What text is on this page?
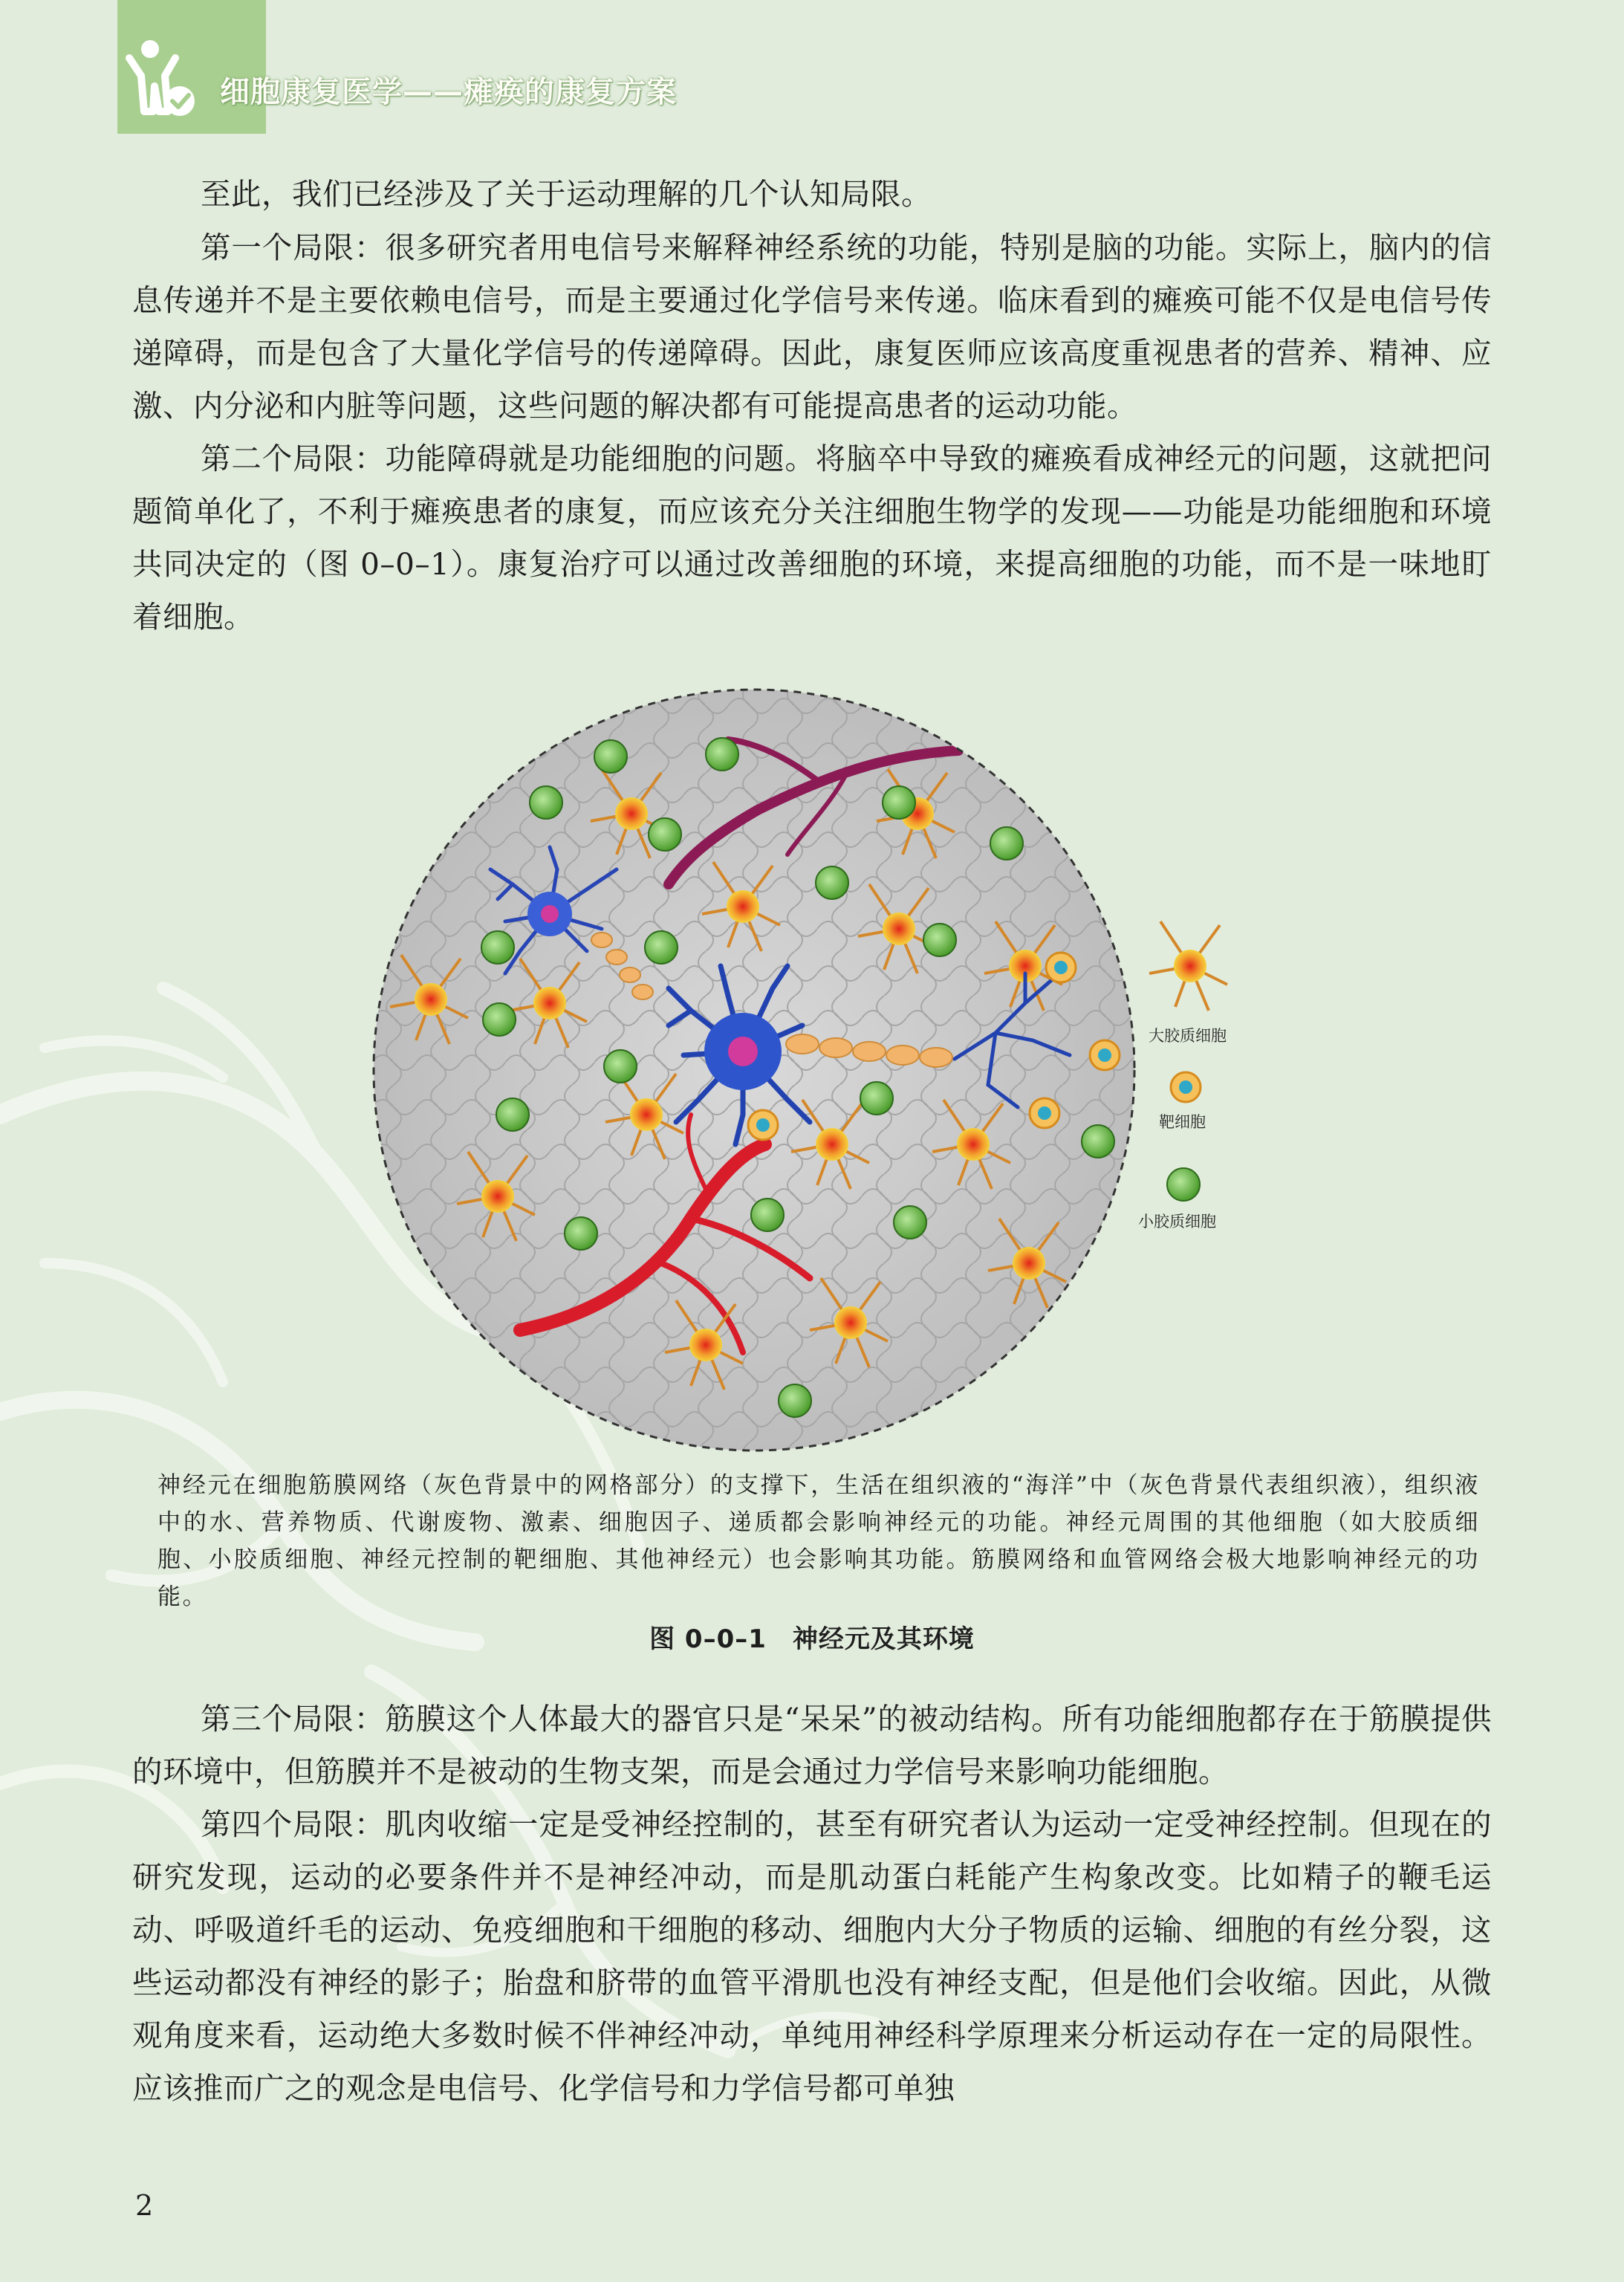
细胞康复医学——瘫痪的康复方案

至此，我们已经涉及了关于运动理解的几个认知局限。

第一个局限：很多研究者用电信号来解释神经系统的功能，特别是脑的功能。实际上，脑内的信息传递并不是主要依赖电信号，而是主要通过化学信号来传递。临床看到的瘫痪可能不仅是电信号传递障碍，而是包含了大量化学信号的传递障碍。因此，康复医师应该高度重视患者的营养、精神、应激、内分泌和内脏等问题，这些问题的解决都有可能提高患者的运动功能。

第二个局限：功能障碍就是功能细胞的问题。将脑卒中导致的瘫痪看成神经元的问题，这就把问题简单化了，不利于瘫痪患者的康复，而应该充分关注细胞生物学的发现——功能是功能细胞和环境共同决定的（图 0–0–1）。康复治疗可以通过改善细胞的环境，来提高细胞的功能，而不是一味地盯着细胞。

大胶质细胞
靶细胞
小胶质细胞

神经元在细胞筋膜网络（灰色背景中的网格部分）的支撑下，生活在组织液的“海洋”中（灰色背景代表组织液），组织液中的水、营养物质、代谢废物、激素、细胞因子、递质都会影响神经元的功能。神经元周围的其他细胞（如大胶质细胞、小胶质细胞、神经元控制的靶细胞、其他神经元）也会影响其功能。筋膜网络和血管网络会极大地影响神经元的功能。

图 0–0–1　神经元及其环境

第三个局限：筋膜这个人体最大的器官只是“呆呆”的被动结构。所有功能细胞都存在于筋膜提供的环境中，但筋膜并不是被动的生物支架，而是会通过力学信号来影响功能细胞。

第四个局限：肌肉收缩一定是受神经控制的，甚至有研究者认为运动一定受神经控制。但现在的研究发现，运动的必要条件并不是神经冲动，而是肌动蛋白耗能产生构象改变。比如精子的鞭毛运动、呼吸道纤毛的运动、免疫细胞和干细胞的移动、细胞内大分子物质的运输、细胞的有丝分裂，这些运动都没有神经的影子；胎盘和脐带的血管平滑肌也没有神经支配，但是他们会收缩。因此，从微观角度来看，运动绝大多数时候不伴神经冲动，单纯用神经科学原理来分析运动存在一定的局限性。应该推而广之的观念是电信号、化学信号和力学信号都可单独

2
